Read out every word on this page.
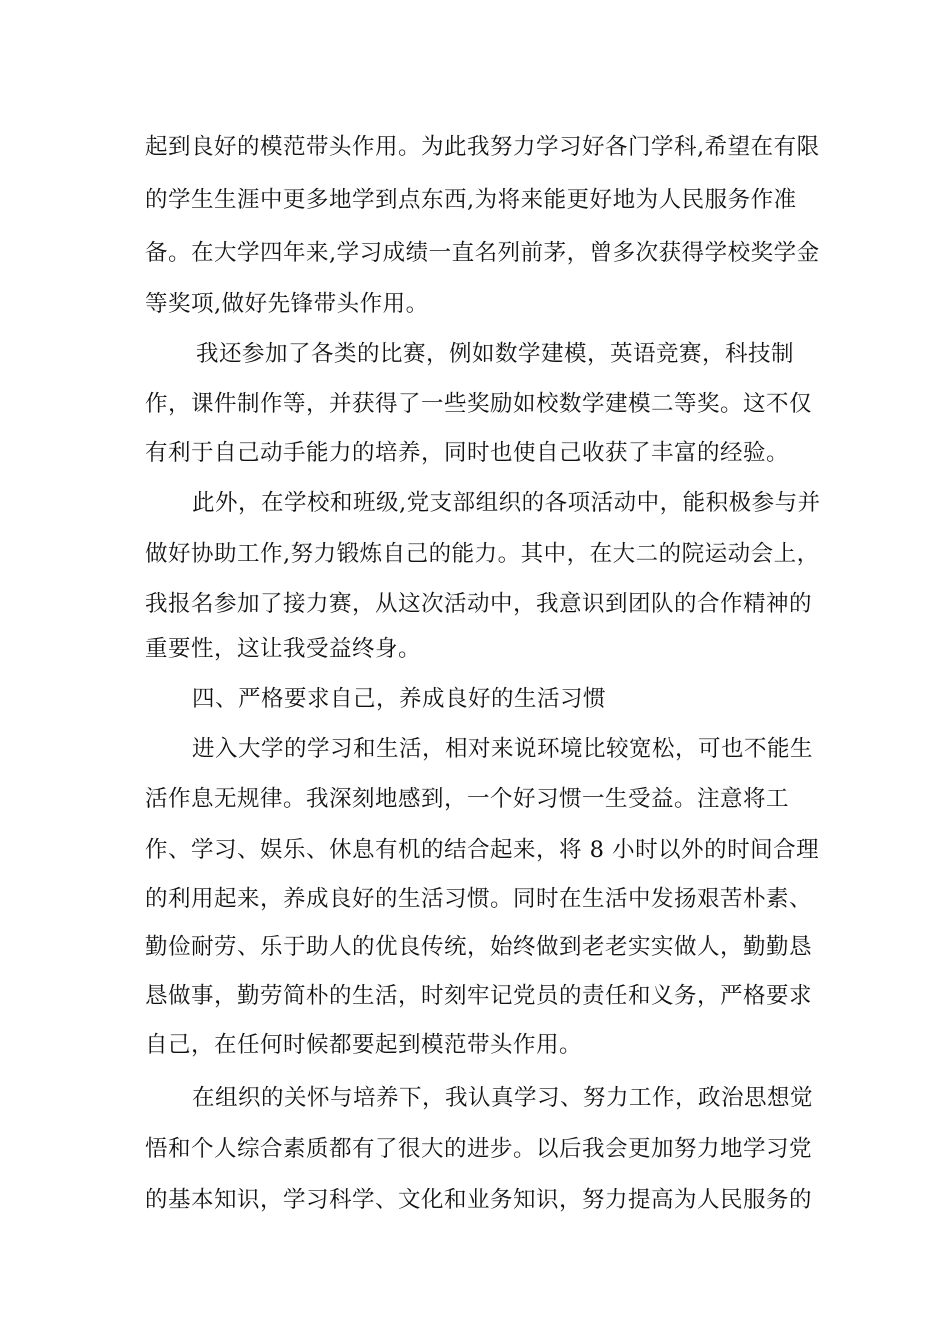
起到良好的模范带头作用。为此我努力学习好各门学科,希望在有限
的学生生涯中更多地学到点东西,为将来能更好地为人民服务作准
备。在大学四年来,学习成绩一直名列前茅，曾多次获得学校奖学金
等奖项,做好先锋带头作用。
我还参加了各类的比赛，例如数学建模，英语竞赛，科技制
作，课件制作等，并获得了一些奖励如校数学建模二等奖。这不仅
有利于自己动手能力的培养，同时也使自己收获了丰富的经验。
此外，在学校和班级,党支部组织的各项活动中，能积极参与并
做好协助工作,努力锻炼自己的能力。其中，在大二的院运动会上，
我报名参加了接力赛，从这次活动中，我意识到团队的合作精神的
重要性，这让我受益终身。
四、严格要求自己，养成良好的生活习惯
进入大学的学习和生活，相对来说环境比较宽松，可也不能生
活作息无规律。我深刻地感到，一个好习惯一生受益。注意将工
作、学习、娱乐、休息有机的结合起来，将 8 小时以外的时间合理
的利用起来，养成良好的生活习惯。同时在生活中发扬艰苦朴素、
勤俭耐劳、乐于助人的优良传统，始终做到老老实实做人，勤勤恳
恳做事，勤劳简朴的生活，时刻牢记党员的责任和义务，严格要求
自己，在任何时候都要起到模范带头作用。
在组织的关怀与培养下，我认真学习、努力工作，政治思想觉
悟和个人综合素质都有了很大的进步。以后我会更加努力地学习党
的基本知识，学习科学、文化和业务知识，努力提高为人民服务的
